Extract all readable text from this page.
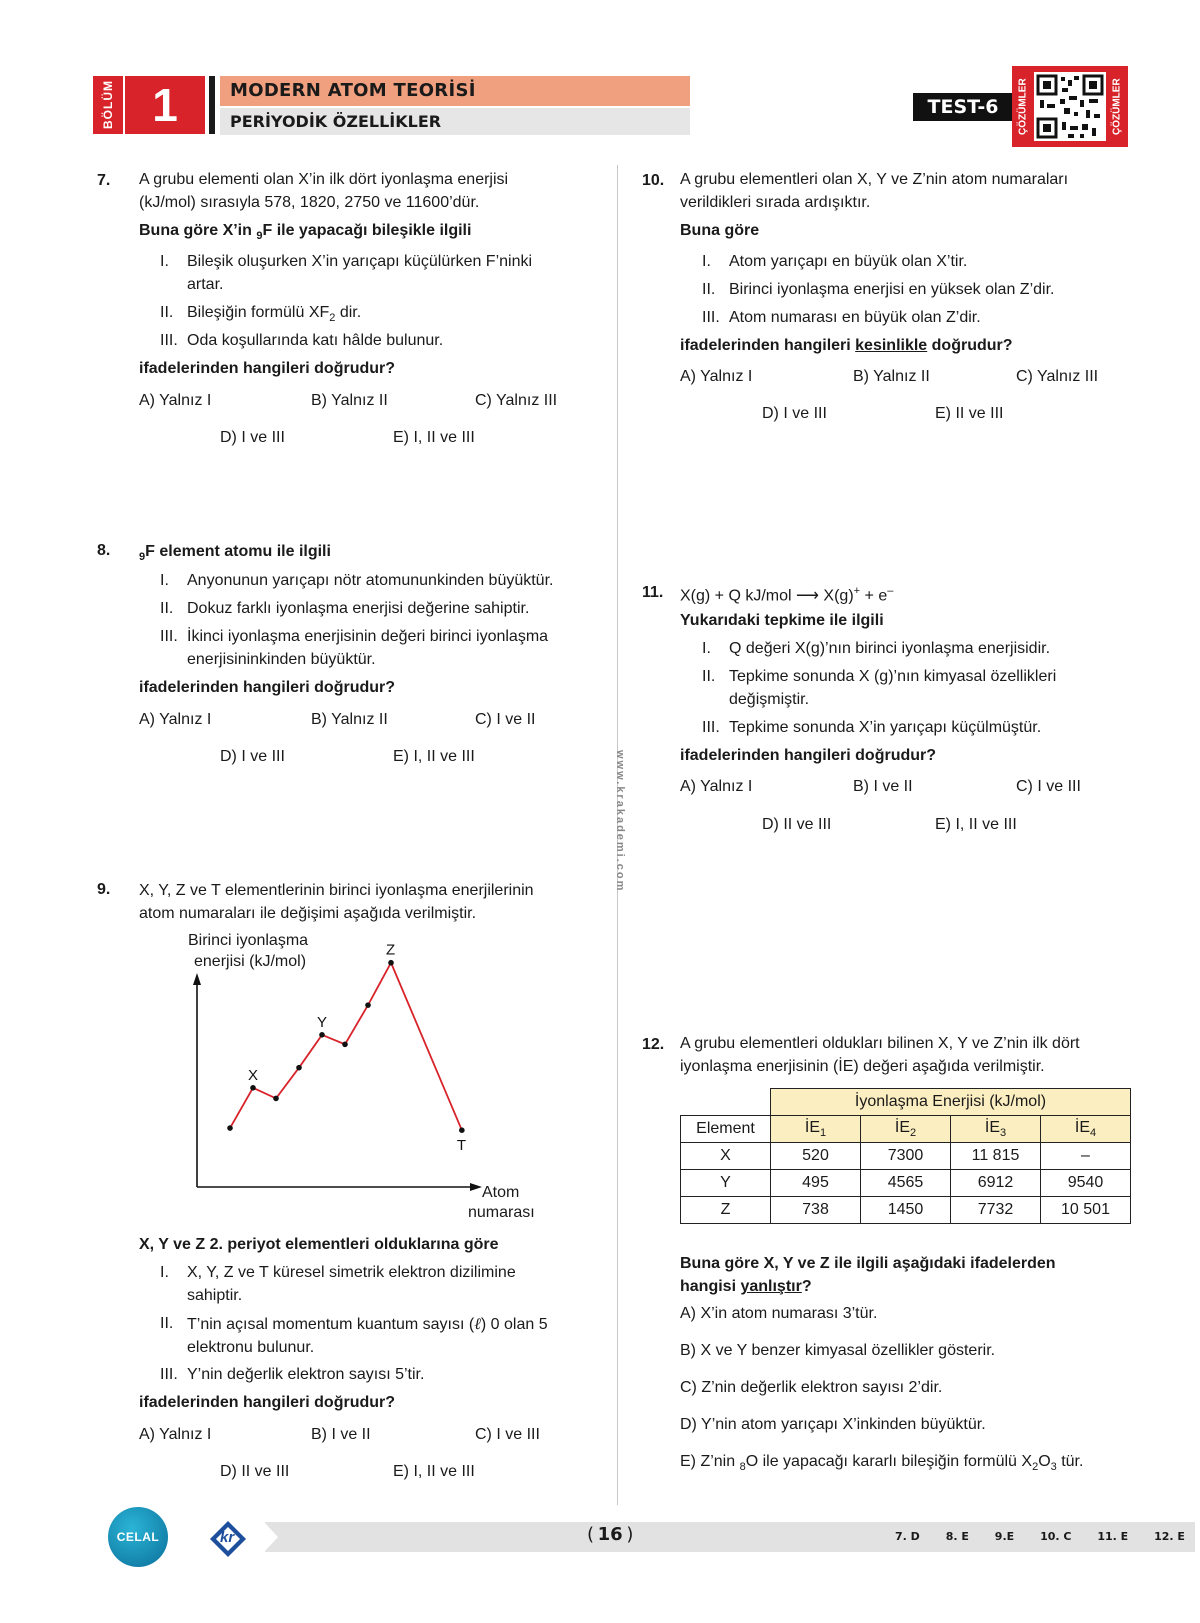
BÖLÜM 1	MODERN ATOM TEORİSİ
PERİYODİK ÖZELLİKLER
TEST-6	ÇÖZÜMLER	ÇÖZÜMLER
www.krakademi.com
7. A grubu elementi olan X’in ilk dört iyonlaşma enerjisi
(kJ/mol) sırasıyla 578, 1820, 2750 ve 11600’dür.
Buna göre X’in $_9$F ile yapacağı bileşikle ilgili
I. Bileşik oluşurken X’in yarıçapı küçülürken F’ninki
artar.
II. Bileşiğin formülü $XF_2$ dir.
III. Oda koşullarında katı hâlde bulunur.
ifadelerinden hangileri doğrudur?
A) Yalnız I	B) Yalnız II	C) Yalnız III
D) I ve III	E) I, II ve III
8.	$_9$F element atomu ile ilgili
I. Anyonunun yarıçapı nötr atomununkinden büyüktür.
II. Dokuz farklı iyonlaşma enerjisi değerine sahiptir.
III. İkinci iyonlaşma enerjisinin değeri birinci iyonlaşma
enerjisininkinden büyüktür.
ifadelerinden hangileri doğrudur?
A) Yalnız I	B) Yalnız II	C) I ve II
D) I ve III	E) I, II ve III
9. X, Y, Z ve T elementlerinin birinci iyonlaşma enerjilerinin
atom numaraları ile değişimi aşağıda verilmiştir.
Birinci iyonlaşma
enerjisi (kJ/mol)
Atom
numarası
X
Y
Z
T
X, Y ve Z 2. periyot elementleri olduklarına göre
I. X, Y, Z ve T küresel simetrik elektron dizilimine
sahiptir.
II. T’nin açısal momentum kuantum sayısı (ℓ) 0 olan 5
elektronu bulunur.
III. Y’nin değerlik elektron sayısı 5’tir.
ifadelerinden hangileri doğrudur?
A) Yalnız I	B) I ve II	C) I ve III
D) II ve III	E) I, II ve III
10. A grubu elementleri olan X, Y ve Z’nin atom numaraları
verildikleri sırada ardışıktır.
Buna göre
I. Atom yarıçapı en büyük olan X’tir.
II. Birinci iyonlaşma enerjisi en yüksek olan Z’dir.
III. Atom numarası en büyük olan Z’dir.
ifadelerinden hangileri kesinlikle doğrudur?
A) Yalnız I	B) Yalnız II	C) Yalnız III
D) I ve III	E) II ve III
11. X(g) + Q kJ/mol ⟶ X(g)+ + e–
Yukarıdaki tepkime ile ilgili
I. Q değeri X(g)’nın birinci iyonlaşma enerjisidir.
II. Tepkime sonunda X (g)’nın kimyasal özellikleri
değişmiştir.
III. Tepkime sonunda X’in yarıçapı küçülmüştür.
ifadelerinden hangileri doğrudur?
A) Yalnız I	B) I ve II	C) I ve III
D) II ve III	E) I, II ve III
12. A grubu elementleri oldukları bilinen X, Y ve Z’nin ilk dört
iyonlaşma enerjisinin (İE) değeri aşağıda verilmiştir.
	İyonlaşma Enerjisi (kJ/mol)			
Element	$İE_1$	$İE_2$	$İE_3$	$İE_4$
X	520	7300	11 815	–
Y	495	4565	6912	9540
Z	738	1450	7732	10 501
Buna göre X, Y ve Z ile ilgili aşağıdaki ifadelerden
hangisi yanlıştır?
A) X’in atom numarası 3’tür.
B) X ve Y benzer kimyasal özellikler gösterir.
C) Z’nin değerlik elektron sayısı 2’dir.
D) Y’nin atom yarıçapı X’inkinden büyüktür.
E) Z’nin $_8$O ile yapacağı kararlı bileşiğin formülü $X_2O_3$ tür.
CELAL	kr	(  16  )	7. D 8. E 9.E 10. C 11. E 12. E
